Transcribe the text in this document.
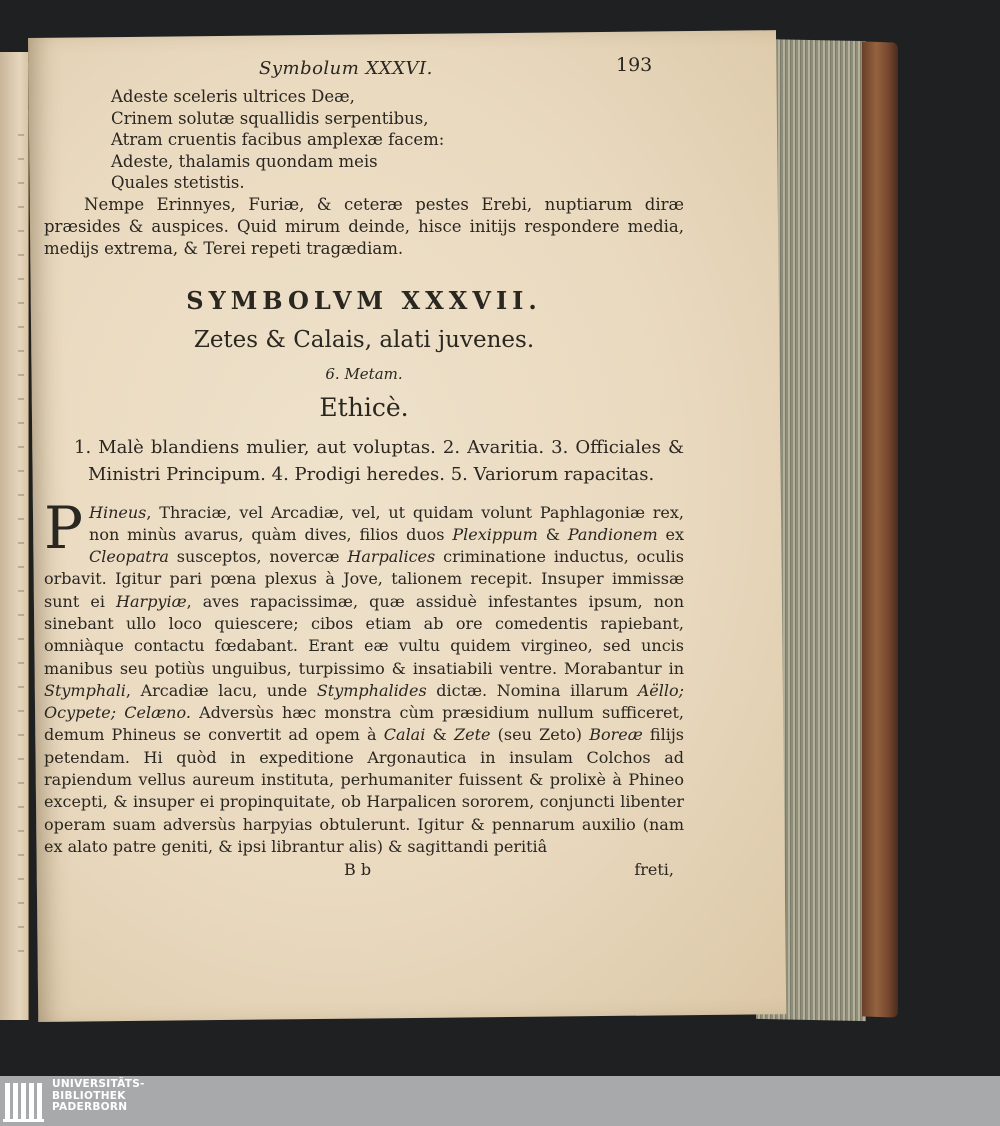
Symbolum XXXVI.	193
Adeste sceleris ultrices Deæ,
Crinem solutæ squallidis serpentibus,
Atram cruentis facibus amplexæ facem:
Adeste, thalamis quondam meis
Quales stetistis.

Nempe Erinnyes, Furiæ, & ceteræ pestes Erebi, nuptiarum diræ præsides & auspices. Quid mirum deinde, hisce initijs respondere media, medijs extrema, & Terei repeti tragædiam.

SYMBOLVM XXXVII.
Zetes & Calais, alati juvenes.
6. Metam.
Ethicè.

1. Malè blandiens mulier, aut voluptas. 2. Avaritia. 3. Officiales & Ministri Principum. 4. Prodigi heredes. 5. Variorum rapacitas.

P Hineus, Thraciæ, vel Arcadiæ, vel, ut quidam volunt Paphlagoniæ rex, non minùs avarus, quàm dives, filios duos Plexippum & Pandionem ex Cleopatra susceptos, novercæ Harpalices criminatione inductus, oculis orbavit. Igitur pari pœna plexus à Jove, talionem recepit. Insuper immissæ sunt ei Harpyiæ, aves rapacissimæ, quæ assiduè infestantes ipsum, non sinebant ullo loco quiescere; cibos etiam ab ore comedentis rapiebant, omniàque contactu fœdabant. Erant eæ vultu quidem virgineo, sed uncis manibus seu potiùs unguibus, turpissimo & insatiabili ventre. Morabantur in Stymphali, Arcadiæ lacu, unde Stymphalides dictæ. Nomina illarum Aëllo; Ocypete; Celæno. Adversùs hæc monstra cùm præsidium nullum sufficeret, demum Phineus se convertit ad opem à Calai & Zete (seu Zeto) Boreæ filijs petendam. Hi quòd in expeditione Argonautica in insulam Colchos ad rapiendum vellus aureum instituta, perhumaniter fuissent & prolixè à Phineo excepti, & insuper ei propinquitate, ob Harpalicen sororem, conjuncti libenter operam suam adversùs harpyias obtulerunt. Igitur & pennarum auxilio (nam ex alato patre geniti, & ipsi librantur alis) & sagittandi peritiâ
B b	freti,
UNIVERSITÄTS-
BIBLIOTHEK
PADERBORN
